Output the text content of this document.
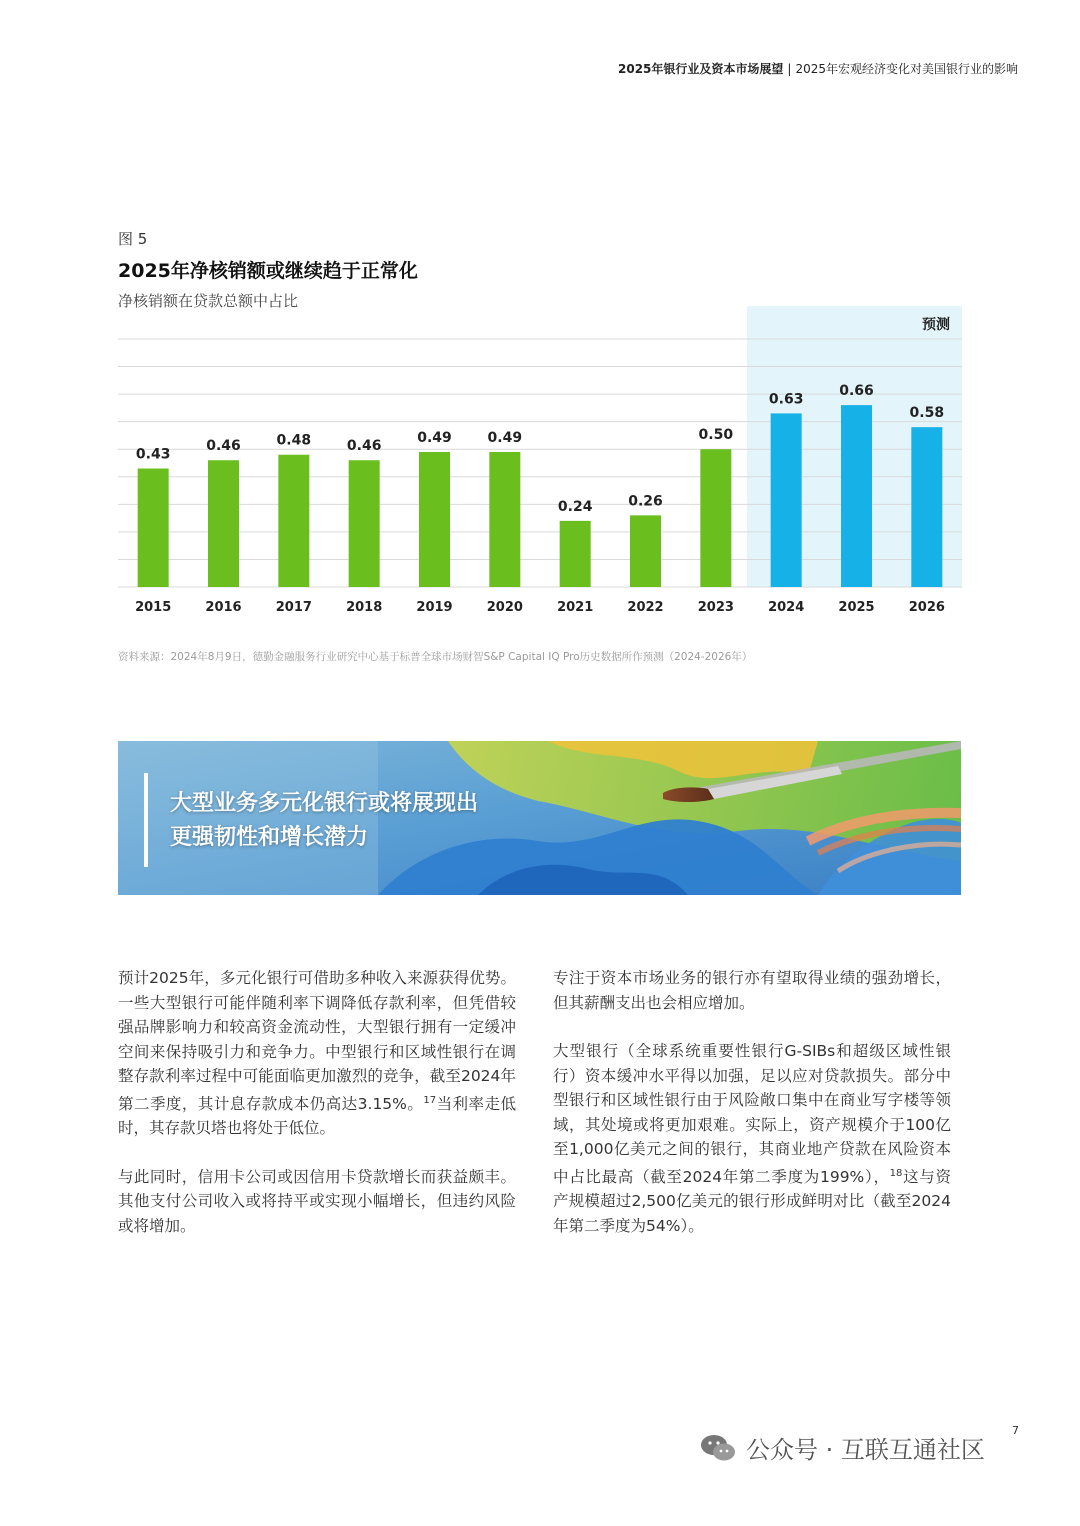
2025年银行业及资本市场展望 | 2025年宏观经济变化对美国银行业的影响
图 5
2025年净核销额或继续趋于正常化
净核销额在贷款总额中占比
预测
0.43
2015
0.46
2016
0.48
2017
0.46
2018
0.49
2019
0.49
2020
0.24
2021
0.26
2022
0.50
2023
0.63
2024
0.66
2025
0.58
2026
资料来源：2024年8月9日，德勤金融服务行业研究中心基于标普全球市场财智S&P Capital IQ Pro历史数据所作预测（2024-2026年）
大型业务多元化银行或将展现出
更强韧性和增长潜力

预计2025年，多元化银行可借助多种收入来源获得优势。一些大型银行可能伴随利率下调降低存款利率，但凭借较强品牌影响力和较高资金流动性，大型银行拥有一定缓冲空间来保持吸引力和竞争力。中型银行和区域性银行在调整存款利率过程中可能面临更加激烈的竞争，截至2024年第二季度，其计息存款成本仍高达3.15%。$^{17}$当利率走低时，其存款贝塔也将处于低位。

与此同时，信用卡公司或因信用卡贷款增长而获益颇丰。其他支付公司收入或将持平或实现小幅增长，但违约风险或将增加。

专注于资本市场业务的银行亦有望取得业绩的强劲增长，但其薪酬支出也会相应增加。

大型银行（全球系统重要性银行G-SIBs和超级区域性银行）资本缓冲水平得以加强，足以应对贷款损失。部分中型银行和区域性银行由于风险敞口集中在商业写字楼等领域，其处境或将更加艰难。实际上，资产规模介于100亿至1,000亿美元之间的银行，其商业地产贷款在风险资本中占比最高（截至2024年第二季度为199%），$^{18}$这与资产规模超过2,500亿美元的银行形成鲜明对比（截至2024年第二季度为54%）。

公众号 · 互联互通社区
7
